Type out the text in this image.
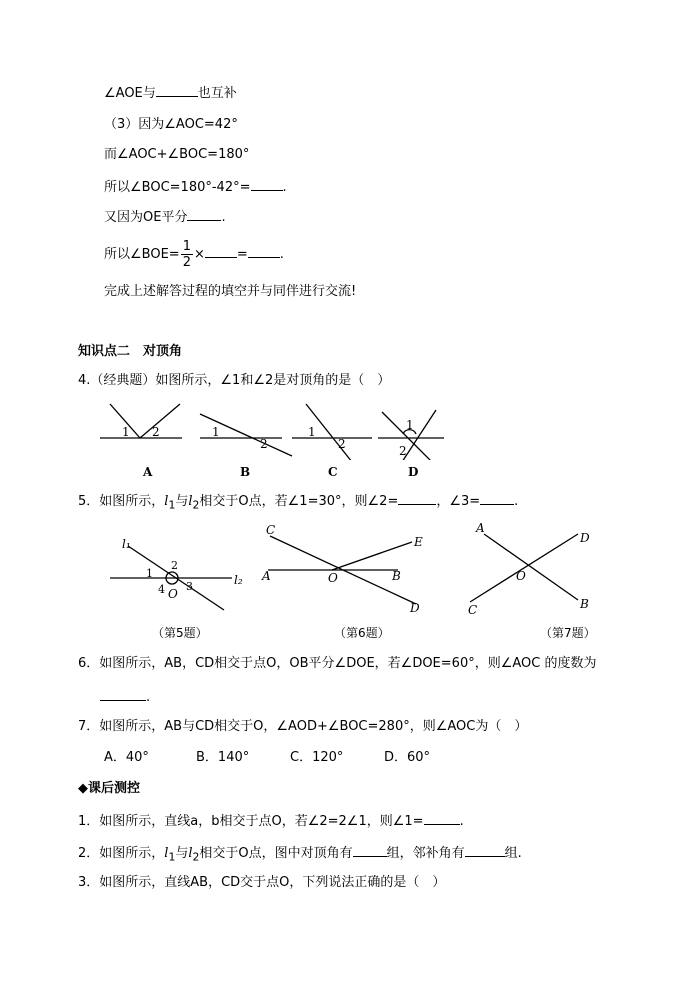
∠AOE与	也互补
（3）因为∠AOC=42°
而∠AOC+∠BOC=180°
所以∠BOC=180°-42°= .
又因为OE平分	.
所以∠BOE= $\frac{1}{2}$ × = .
完成上述解答过程的填空并与同伴进行交流!
知识点二　对顶角
4.（经典题）如图所示，∠1和∠2是对顶角的是（　）
1 2	1
2
1
2
1
2
A	B	C	D
5．如图所示，$l_1$与$l_2$相交于O点，若∠1=30°，则∠2=	，∠3=	.
l₁
l₂
1
2
3
4 O
（第5题）
C
E
A	O	B
D
（第6题）
A
D
O
C	B
（第7题）
6．如图所示，AB，CD相交于点O，OB平分∠DOE，若∠DOE=60°，则∠AOC 的度数为
.
7．如图所示，AB与CD相交于O，∠AOD+∠BOC=280°，则∠AOC为（　）
A．40°	B．140°	C．120°	D．60°
◆课后测控
1．如图所示，直线a，b相交于点O，若∠2=2∠1，则∠1=	.
2．如图所示，$l_1$与$l_2$相交于O点，图中对顶角有	组，邻补角有	组.
3．如图所示，直线AB，CD交于点O，下列说法正确的是（　）
